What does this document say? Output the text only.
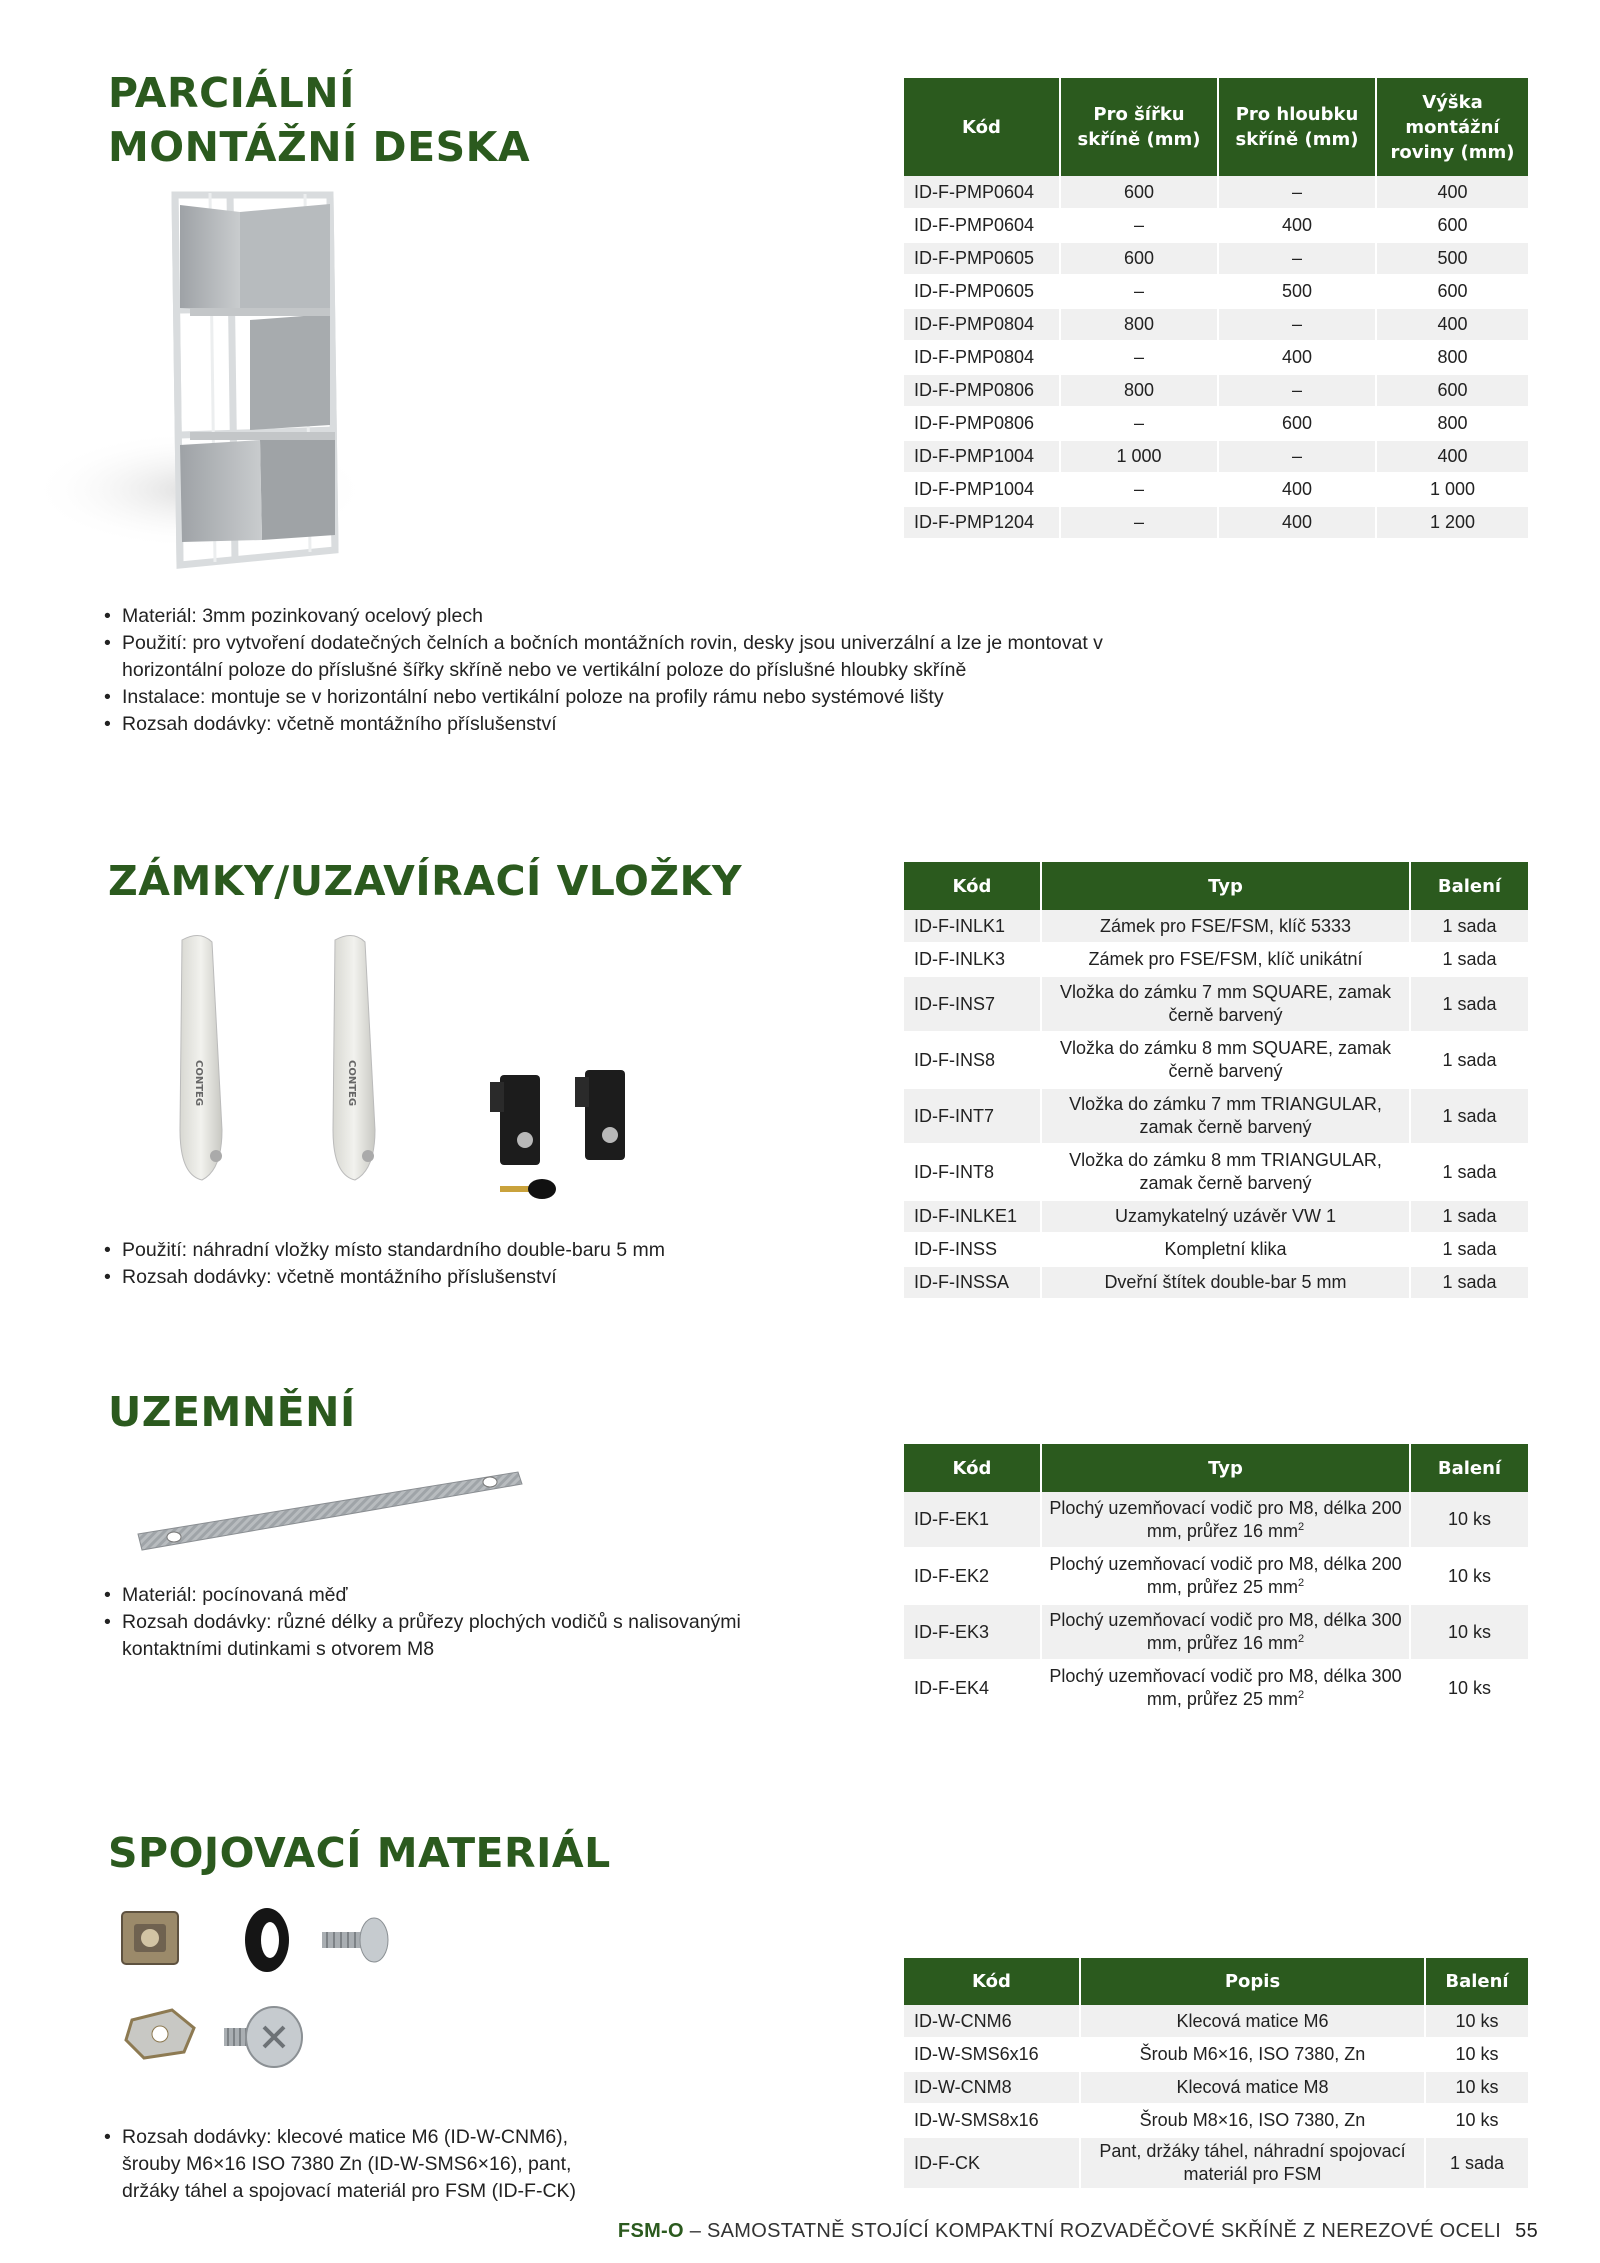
PARCIÁLNÍ
MONTÁŽNÍ DESKA	Kód	Pro šířku skříně (mm)	Pro hloubku skříně (mm)	Výška montážní roviny (mm)
ID-F-PMP0604	600	–	400
ID-F-PMP0604	–	400	600
ID-F-PMP0605	600	–	500
ID-F-PMP0605	–	500	600
ID-F-PMP0804	800	–	400
ID-F-PMP0804	–	400	800
ID-F-PMP0806	800	–	600
ID-F-PMP0806	–	600	800
ID-F-PMP1004	1 000	–	400
ID-F-PMP1004	–	400	1 000
ID-F-PMP1204	–	400	1 200
• Materiál: 3mm pozinkovaný ocelový plech
• Použití: pro vytvoření dodatečných čelních a bočních montážních rovin, desky jsou univerzální a lze je montovat v horizontální poloze do příslušné šířky skříně nebo ve vertikální poloze do příslušné hloubky skříně
• Instalace: montuje se v horizontální nebo vertikální poloze na profily rámu nebo systémové lišty
• Rozsah dodávky: včetně montážního příslušenství
ZÁMKY/UZAVÍRACÍ VLOŽKY
CONTEG	CONTEG
Kód	Typ	Balení
ID-F-INLK1	Zámek pro FSE/FSM, klíč 5333	1 sada
ID-F-INLK3	Zámek pro FSE/FSM, klíč unikátní	1 sada
ID-F-INS7	Vložka do zámku 7 mm SQUARE, zamak černě barvený	1 sada
ID-F-INS8	Vložka do zámku 8 mm SQUARE, zamak černě barvený	1 sada
ID-F-INT7	Vložka do zámku 7 mm TRIANGULAR, zamak černě barvený	1 sada
ID-F-INT8	Vložka do zámku 8 mm TRIANGULAR, zamak černě barvený	1 sada
ID-F-INLKE1	Uzamykatelný uzávěr VW 1	1 sada
ID-F-INSS	Kompletní klika	1 sada
ID-F-INSSA	Dveřní štítek double-bar 5 mm	1 sada
• Použití: náhradní vložky místo standardního double-baru 5 mm
• Rozsah dodávky: včetně montážního příslušenství
UZEMNĚNÍ
Kód	Typ	Balení
ID-F-EK1	Plochý uzemňovací vodič pro M8, délka 200 mm, průřez 16 $mm^2$	10 ks
ID-F-EK2	Plochý uzemňovací vodič pro M8, délka 200 mm, průřez 25 $mm^2$	10 ks
ID-F-EK3	Plochý uzemňovací vodič pro M8, délka 300 mm, průřez 16 $mm^2$	10 ks
ID-F-EK4	Plochý uzemňovací vodič pro M8, délka 300 mm, průřez 25 $mm^2$	10 ks
• Materiál: pocínovaná měď
• Rozsah dodávky: různé délky a průřezy plochých vodičů s nalisovanými kontaktními dutinkami s otvorem M8
SPOJOVACÍ MATERIÁL
Kód	Popis	Balení
ID-W-CNM6	Klecová matice M6	10 ks
ID-W-SMS6x16	Šroub M6×16, ISO 7380, Zn	10 ks
ID-W-CNM8	Klecová matice M8	10 ks
ID-W-SMS8x16	Šroub M8×16, ISO 7380, Zn	10 ks
ID-F-CK	Pant, držáky táhel, náhradní spojovací materiál pro FSM	1 sada
• Rozsah dodávky: klecové matice M6 (ID-W-CNM6), šrouby M6×16 ISO 7380 Zn (ID-W-SMS6×16), pant, držáky táhel a spojovací materiál pro FSM (ID-F-CK)
FSM-O – SAMOSTATNĚ STOJÍCÍ KOMPAKTNÍ ROZVADĚČOVÉ SKŘÍNĚ Z NEREZOVÉ OCELI 55
